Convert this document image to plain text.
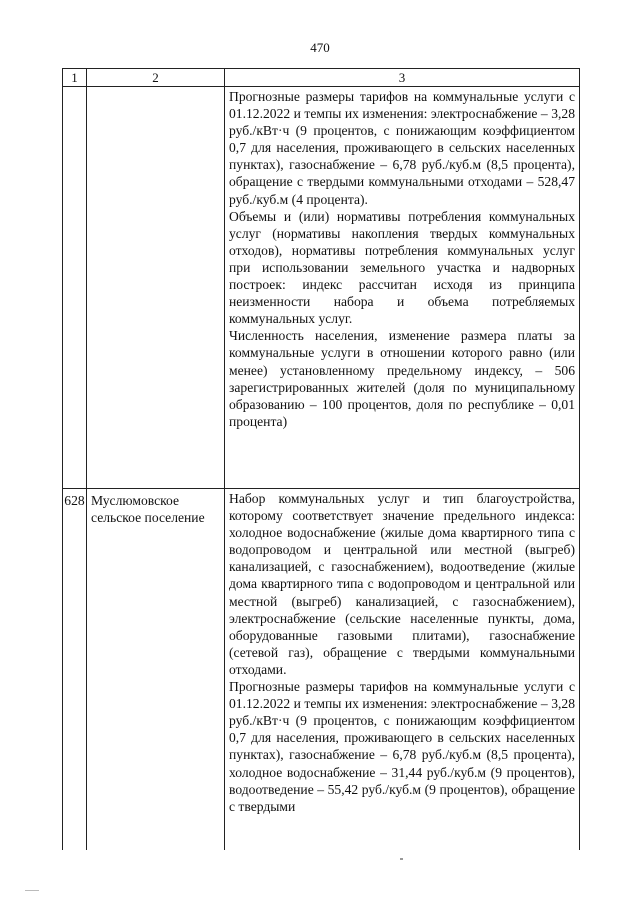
470
1	2	3

		Прогнозные размеры тарифов на коммунальные услуги с 01.12.2022 и темпы их изменения: электроснабжение – 3,28 руб./кВт·ч (9 процентов, с понижающим коэффициентом 0,7 для населения, проживающего в сельских населенных пунктах), газоснабжение – 6,78 руб./куб.м (8,5 процента), обращение с твердыми коммунальными отходами – 528,47 руб./куб.м (4 процента).

Объемы и (или) нормативы потребления коммунальных услуг (нормативы накопления твердых коммунальных отходов), нормативы потребления коммунальных услуг при использовании земельного участка и надворных построек: индекс рассчитан исходя из принципа неизменности набора и объема потребляемых коммунальных услуг.

Численность населения, изменение размера платы за коммунальные услуги в отношении которого равно (или менее) установленному предельному индексу, – 506 зарегистрированных жителей (доля по муниципальному образованию – 100 процентов, доля по республике – 0,01 процента)

628	Муслюмовское сельское поселение	Набор коммунальных услуг и тип благоустройства, которому соответствует значение предельного индекса: холодное водоснабжение (жилые дома квартирного типа с водопроводом и центральной или местной (выгреб) канализацией, с газоснабжением), водоотведение (жилые дома квартирного типа с водопроводом и центральной или местной (выгреб) канализацией, с газоснабжением), электроснабжение (сельские населенные пункты, дома, оборудованные газовыми плитами), газоснабжение (сетевой газ), обращение с твердыми коммунальными отходами.

Прогнозные размеры тарифов на коммунальные услуги с 01.12.2022 и темпы их изменения: электроснабжение – 3,28 руб./кВт·ч (9 процентов, с понижающим коэффициентом 0,7 для населения, проживающего в сельских населенных пунктах), газоснабжение – 6,78 руб./куб.м (8,5 процента), холодное водоснабжение – 31,44 руб./куб.м (9 процентов), водоотведение – 55,42 руб./куб.м (9 процентов), обращение с твердыми
